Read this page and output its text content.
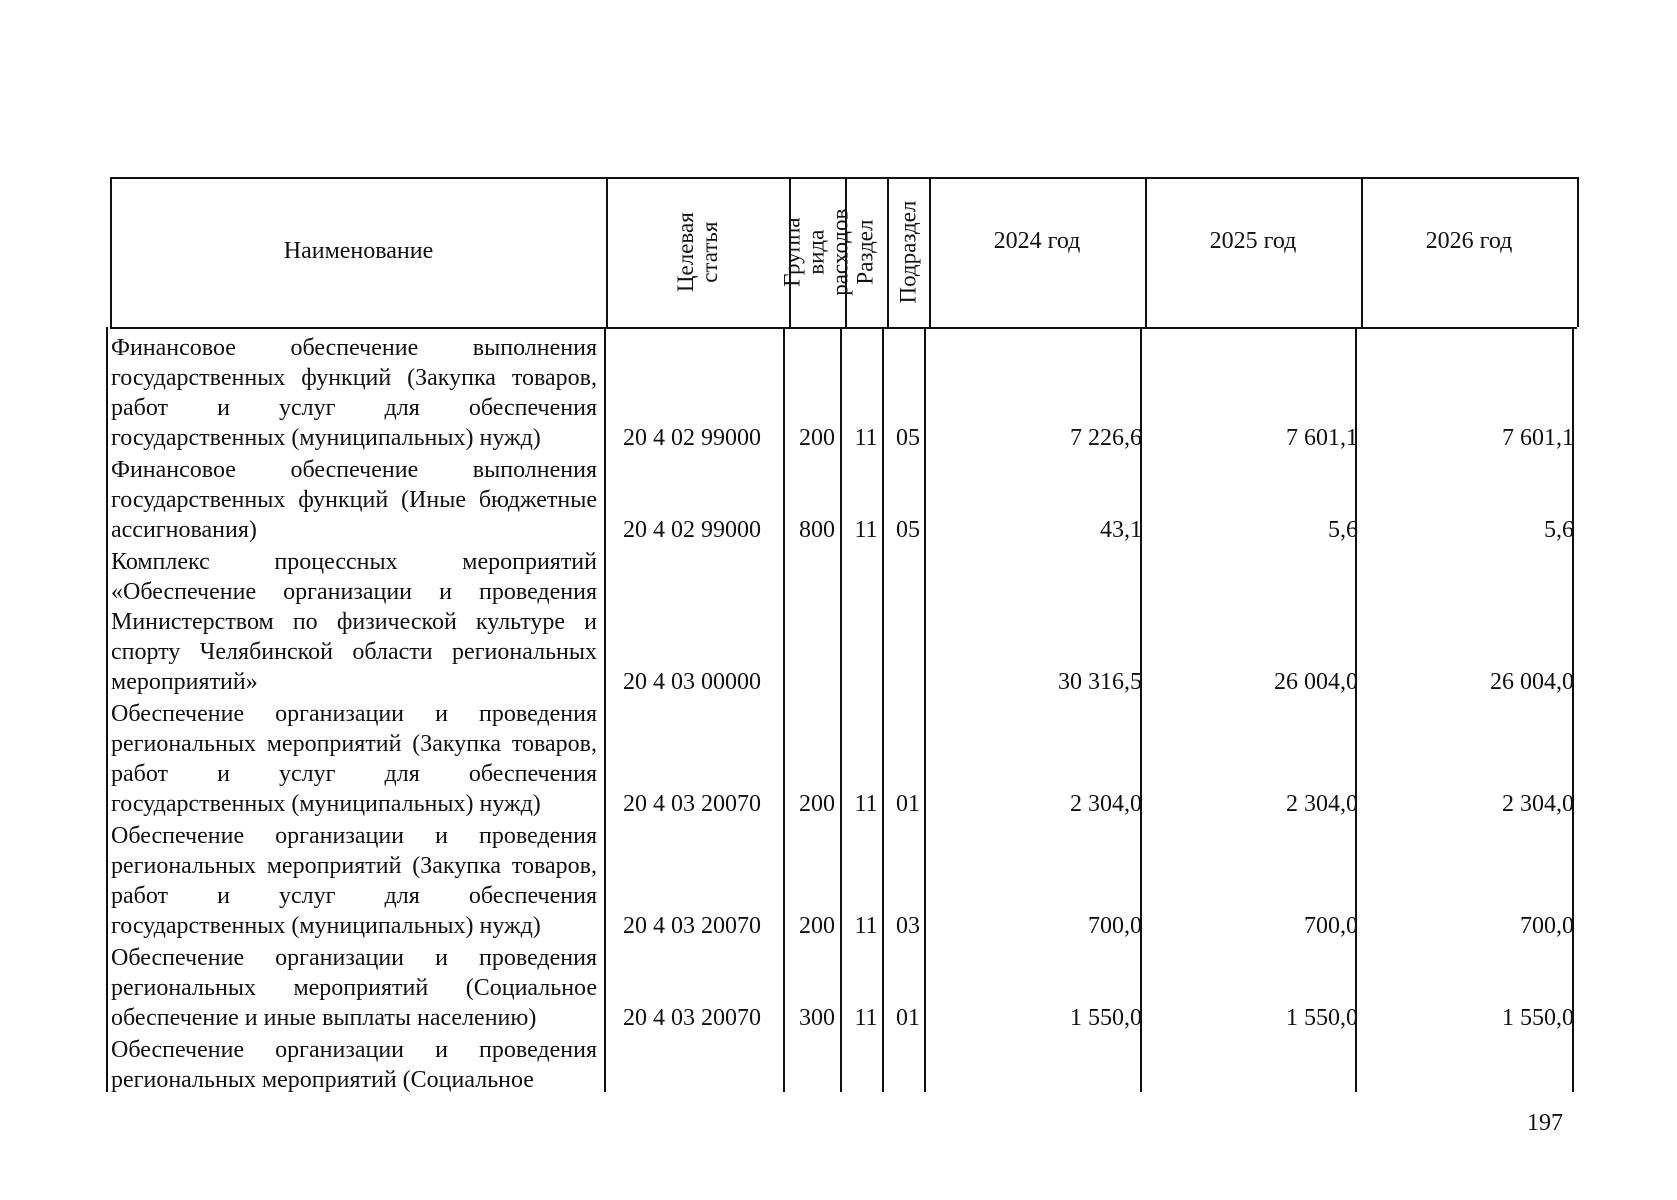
Наименование	Целевая статья	Группа вида расходов Раздел Подраздел	2024 год	2025 год	2026 год
Финансовое обеспечение выполнения государственных функций (Закупка товаров, работ и услуг для обеспечения государственных (муниципальных) нужд)	20 4 02 99000	200 11 05	7 226,6	7 601,1	7 601,1
Финансовое обеспечение выполнения государственных функций (Иные бюджетные ассигнования)	20 4 02 99000	800 11 05	43,1	5,6	5,6
Комплекс процессных мероприятий «Обеспечение организации и проведения Министерством по физической культуре и спорту Челябинской области региональных мероприятий»	20 4 03 00000	30 316,5	26 004,0	26 004,0
Обеспечение организации и проведения региональных мероприятий (Закупка товаров, работ и услуг для обеспечения государственных (муниципальных) нужд)	20 4 03 20070	200 11 01	2 304,0	2 304,0	2 304,0
Обеспечение организации и проведения региональных мероприятий (Закупка товаров, работ и услуг для обеспечения государственных (муниципальных) нужд)	20 4 03 20070	200 11 03	700,0	700,0	700,0
Обеспечение организации и проведения региональных мероприятий (Социальное обеспечение и иные выплаты населению)	20 4 03 20070	300 11 01	1 550,0	1 550,0	1 550,0
Обеспечение организации и проведения региональных мероприятий (Социальное
197
